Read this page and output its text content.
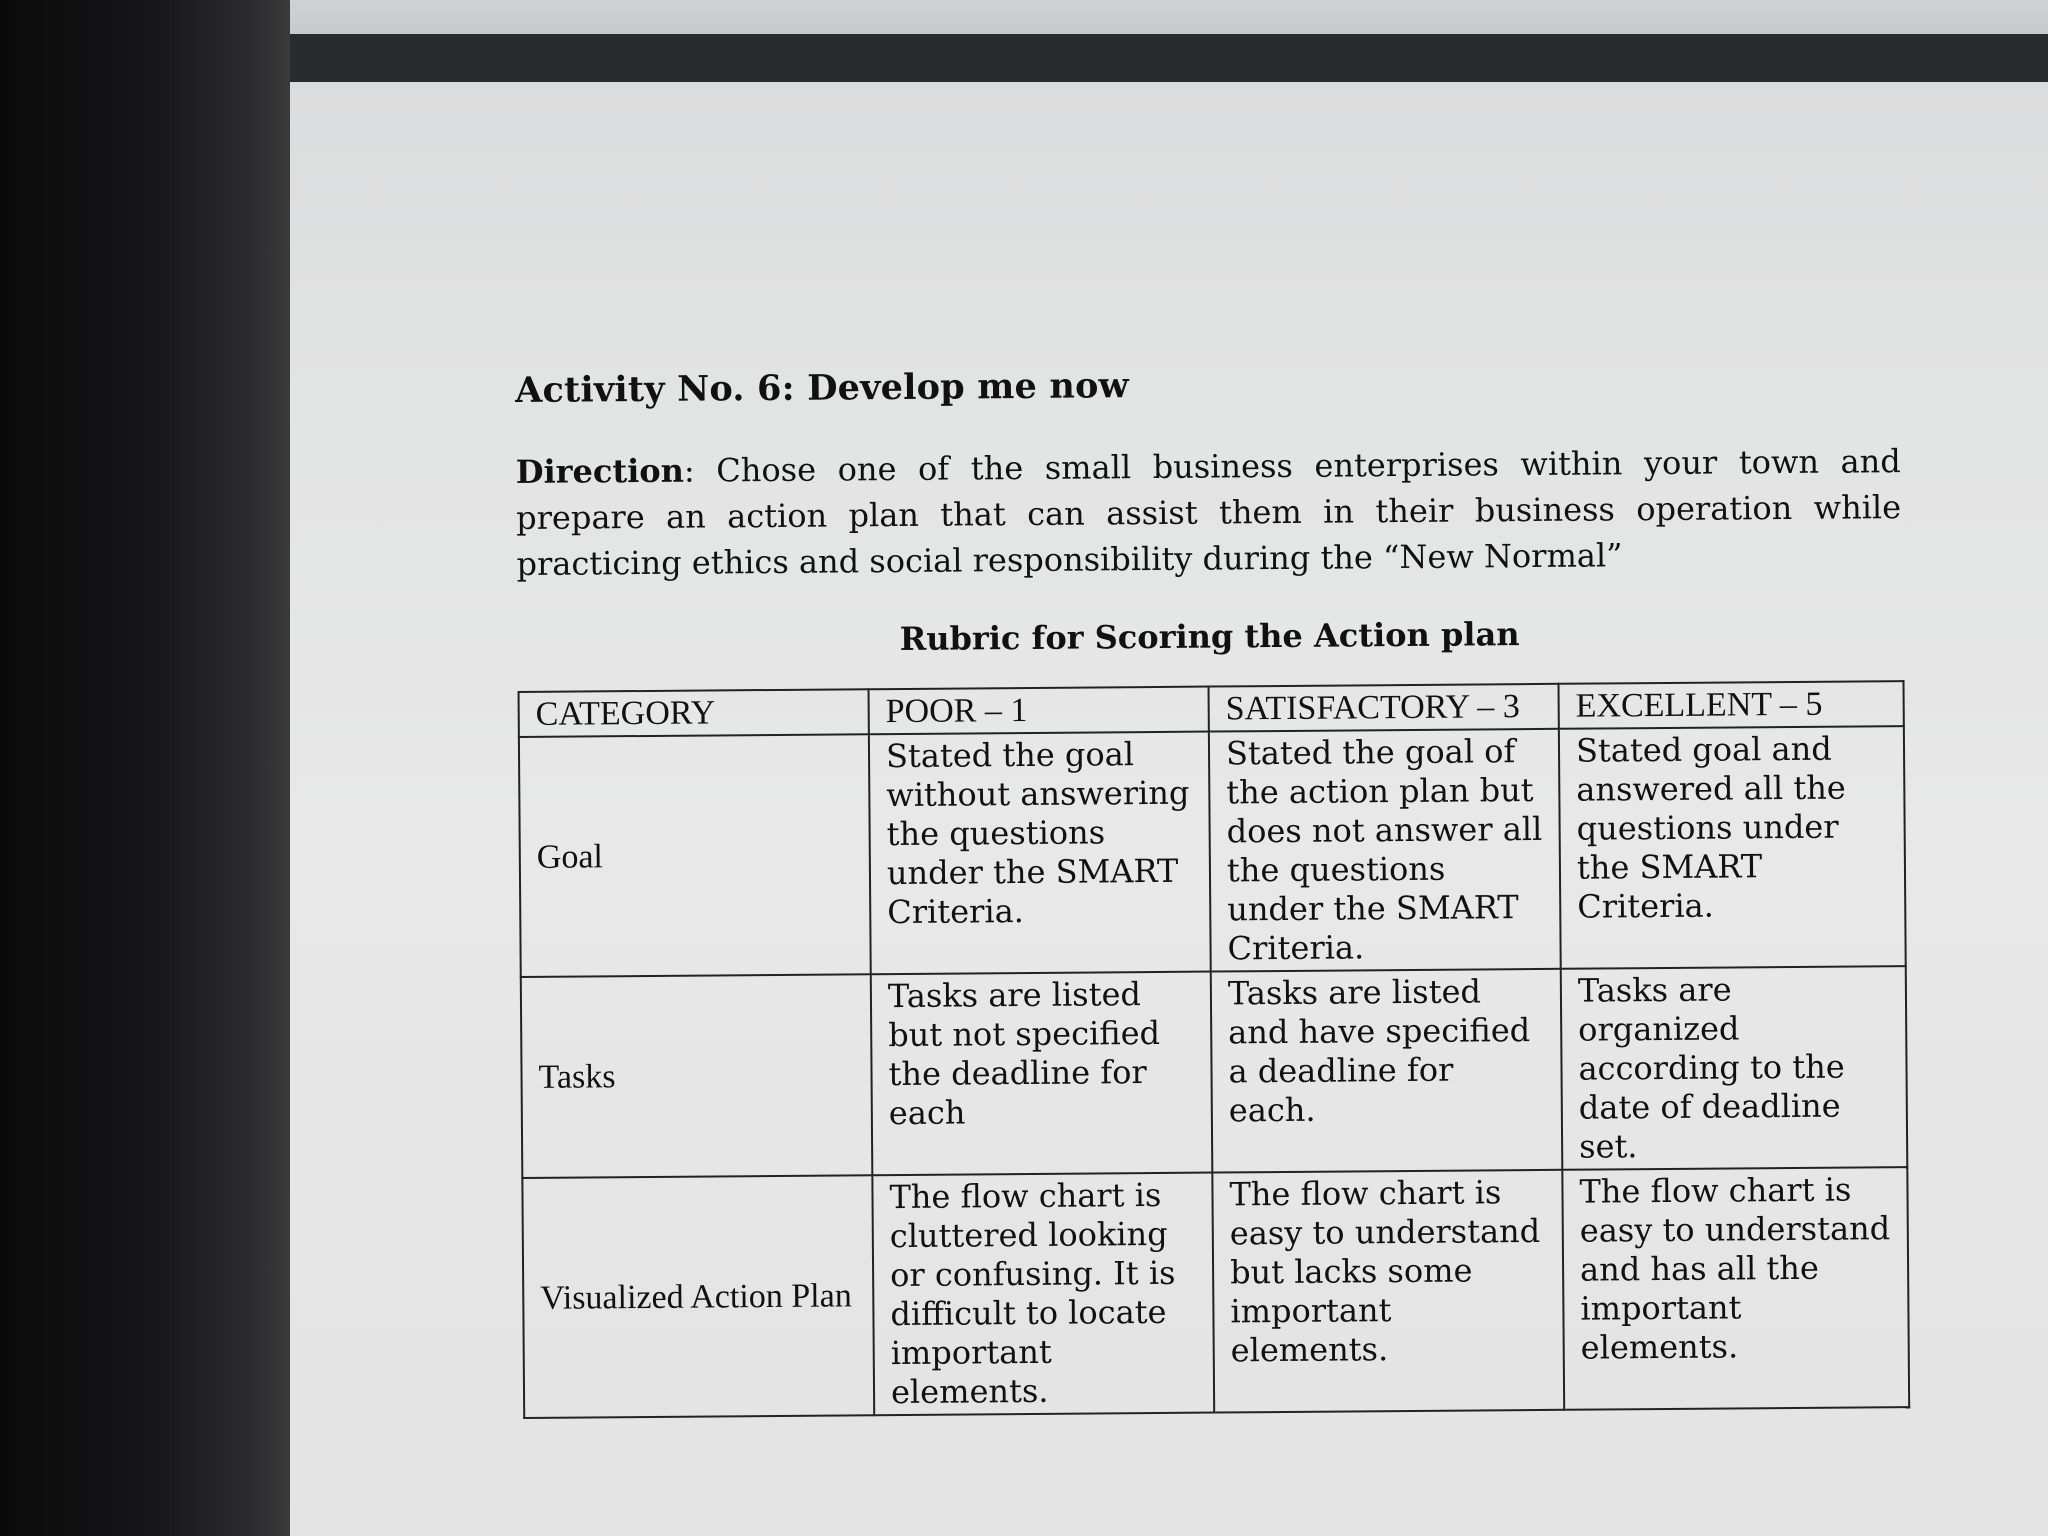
Activity No. 6: Develop me now

Direction: Chose one of the small business enterprises within your town and prepare an action plan that can assist them in their business operation while practicing ethics and social responsibility during the “New Normal”

Rubric for Scoring the Action plan
CATEGORY	POOR – 1	SATISFACTORY – 3	EXCELLENT – 5
Goal	Stated the goal without answering the questions under the SMART Criteria.	Stated the goal of the action plan but does not answer all the questions under the SMART Criteria.	Stated goal and answered all the questions under the SMART Criteria.
Tasks	Tasks are listed but not specified the deadline for each	Tasks are listed and have specified a deadline for each.	Tasks are organized according to the date of deadline set.
Visualized Action Plan	The flow chart is cluttered looking or confusing. It is difficult to locate important elements.	The flow chart is easy to understand but lacks some important elements.	The flow chart is easy to understand and has all the important elements.
